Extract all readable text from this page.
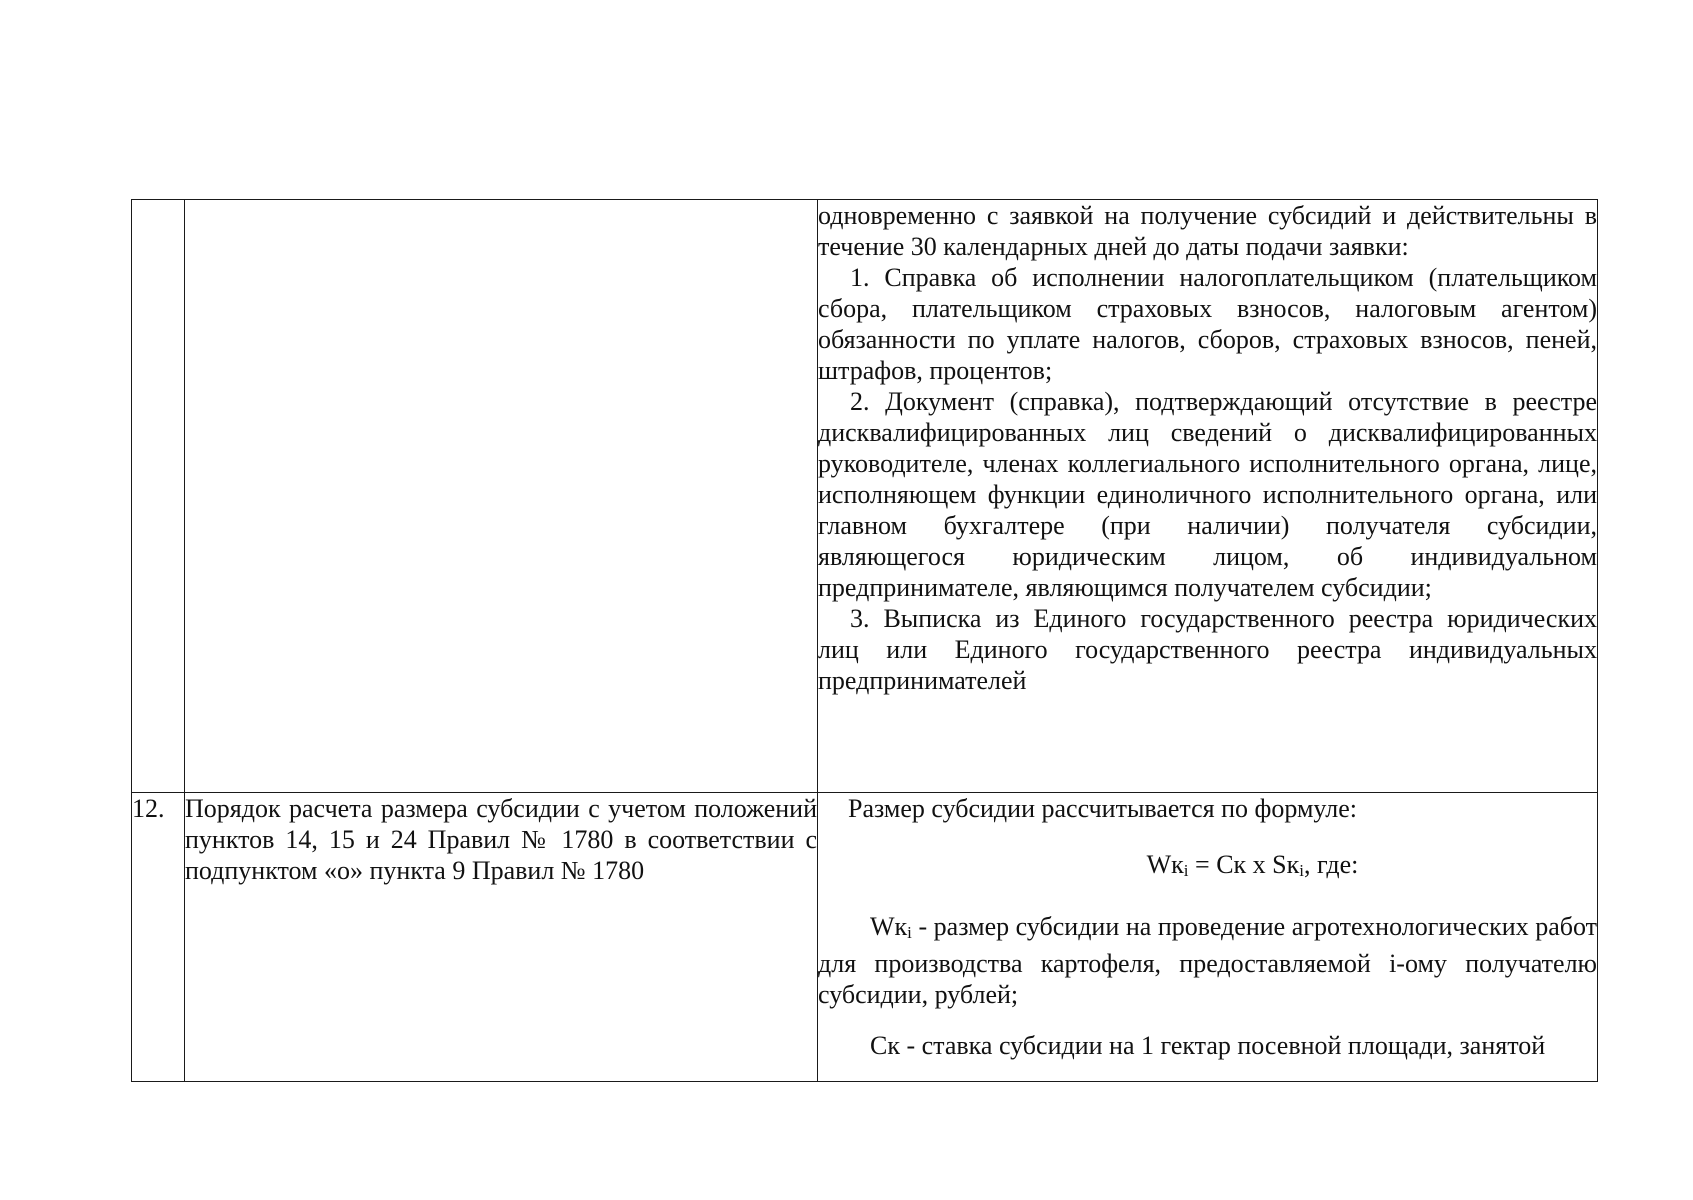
		одновременно с заявкой на получение субсидий и действительны в течение 30 календарных дней до даты подачи заявки:

1. Справка об исполнении налогоплательщиком (плательщиком сбора, плательщиком страховых взносов, налоговым агентом) обязанности по уплате налогов, сборов, страховых взносов, пеней, штрафов, процентов;

2. Документ (справка), подтверждающий отсутствие в реестре дисквалифицированных лиц сведений о дисквалифицированных руководителе, членах коллегиального исполнительного органа, лице, исполняющем функции единоличного исполнительного органа, или главном бухгалтере (при наличии) получателя субсидии, являющегося юридическим лицом, об индивидуальном предпринимателе, являющимся получателем субсидии;

3. Выписка из Единого государственного реестра юридических лиц или Единого государственного реестра индивидуальных предпринимателей

12.	Порядок расчета размера субсидии с учетом положений пунктов 14, 15 и 24 Правил № 1780 в соответствии с подпунктом «о» пункта 9 Правил № 1780	Размер субсидии рассчитывается по формуле:

$Wк_i$ = Ск x $Sк_i$, где:

$Wк_i$ - размер субсидии на проведение агротехнологических работ для производства картофеля, предоставляемой i-ому получателю субсидии, рублей;

Ск - ставка субсидии на 1 гектар посевной площади, занятой
